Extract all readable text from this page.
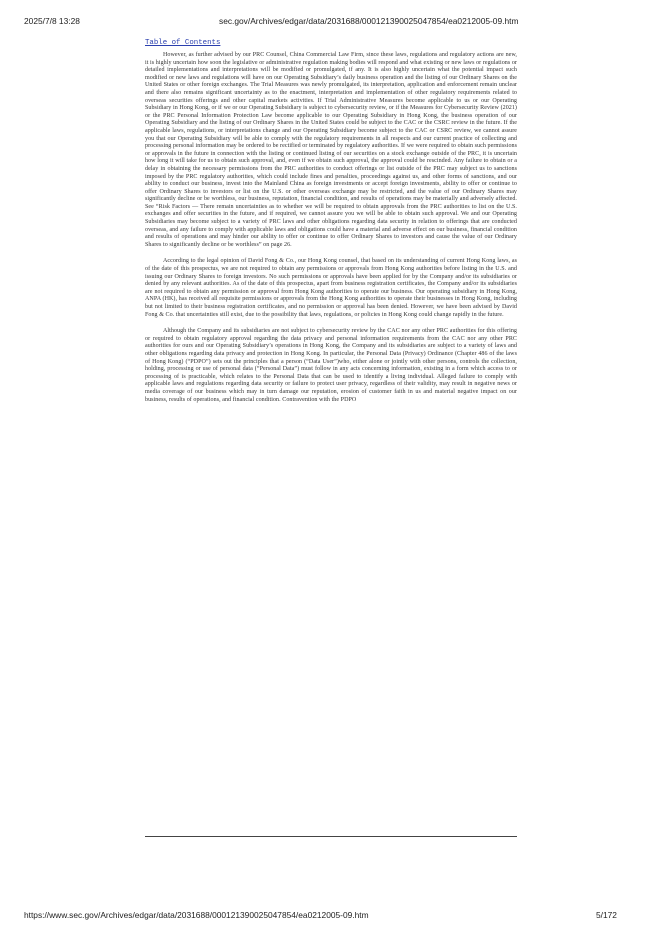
2025/7/8 13:28	sec.gov/Archives/edgar/data/2031688/000121390025047854/ea0212005-09.htm
Table of Contents

However, as further advised by our PRC Counsel, China Commercial Law Firm, since these laws, regulations and regulatory actions are new, it is highly uncertain how soon the legislative or administrative regulation making bodies will respond and what existing or new laws or regulations or detailed implementations and interpretations will be modified or promulgated, if any. It is also highly uncertain what the potential impact such modified or new laws and regulations will have on our Operating Subsidiary’s daily business operation and the listing of our Ordinary Shares on the United States or other foreign exchanges. The Trial Measures was newly promulgated, its interpretation, application and enforcement remain unclear and there also remains significant uncertainty as to the enactment, interpretation and implementation of other regulatory requirements related to overseas securities offerings and other capital markets activities. If Trial Administrative Measures become applicable to us or our Operating Subsidiary in Hong Kong, or if we or our Operating Subsidiary is subject to cybersecurity review, or if the Measures for Cybersecurity Review (2021) or the PRC Personal Information Protection Law become applicable to our Operating Subsidiary in Hong Kong, the business operation of our Operating Subsidiary and the listing of our Ordinary Shares in the United States could be subject to the CAC or the CSRC review in the future. If the applicable laws, regulations, or interpretations change and our Operating Subsidiary become subject to the CAC or CSRC review, we cannot assure you that our Operating Subsidiary will be able to comply with the regulatory requirements in all respects and our current practice of collecting and processing personal information may be ordered to be rectified or terminated by regulatory authorities. If we were required to obtain such permissions or approvals in the future in connection with the listing or continued listing of our securities on a stock exchange outside of the PRC, it is uncertain how long it will take for us to obtain such approval, and, even if we obtain such approval, the approval could be rescinded. Any failure to obtain or a delay in obtaining the necessary permissions from the PRC authorities to conduct offerings or list outside of the PRC may subject us to sanctions imposed by the PRC regulatory authorities, which could include fines and penalties, proceedings against us, and other forms of sanctions, and our ability to conduct our business, invest into the Mainland China as foreign investments or accept foreign investments, ability to offer or continue to offer Ordinary Shares to investors or list on the U.S. or other overseas exchange may be restricted, and the value of our Ordinary Shares may significantly decline or be worthless, our business, reputation, financial condition, and results of operations may be materially and adversely affected. See “Risk Factors — There remain uncertainties as to whether we will be required to obtain approvals from the PRC authorities to list on the U.S. exchanges and offer securities in the future, and if required, we cannot assure you we will be able to obtain such approval. We and our Operating Subsidiaries may become subject to a variety of PRC laws and other obligations regarding data security in relation to offerings that are conducted overseas, and any failure to comply with applicable laws and obligations could have a material and adverse effect on our business, financial condition and results of operations and may hinder our ability to offer or continue to offer Ordinary Shares to investors and cause the value of our Ordinary Shares to significantly decline or be worthless” on page 26.

According to the legal opinion of David Fong & Co., our Hong Kong counsel, that based on its understanding of current Hong Kong laws, as of the date of this prospectus, we are not required to obtain any permissions or approvals from Hong Kong authorities before listing in the U.S. and issuing our Ordinary Shares to foreign investors. No such permissions or approvals have been applied for by the Company and/or its subsidiaries or denied by any relevant authorities. As of the date of this prospectus, apart from business registration certificates, the Company and/or its subsidiaries are not required to obtain any permission or approval from Hong Kong authorities to operate our business. Our operating subsidiary in Hong Kong, ANPA (HK), has received all requisite permissions or approvals from the Hong Kong authorities to operate their businesses in Hong Kong, including but not limited to their business registration certificates, and no permission or approval has been denied. However, we have been advised by David Fong & Co. that uncertainties still exist, due to the possibility that laws, regulations, or policies in Hong Kong could change rapidly in the future.

Although the Company and its subsidiaries are not subject to cybersecurity review by the CAC nor any other PRC authorities for this offering or required to obtain regulatory approval regarding the data privacy and personal information requirements from the CAC nor any other PRC authorities for ours and our Operating Subsidiary’s operations in Hong Kong, the Company and its subsidiaries are subject to a variety of laws and other obligations regarding data privacy and protection in Hong Kong. In particular, the Personal Data (Privacy) Ordinance (Chapter 486 of the laws of Hong Kong) (“PDPO”) sets out the principles that a person (“Data User”)who, either alone or jointly with other persons, controls the collection, holding, processing or use of personal data (“Personal Data”) must follow in any acts concerning information, existing in a form which access to or processing of is practicable, which relates to the Personal Data that can be used to identify a living individual. Alleged failure to comply with applicable laws and regulations regarding data security or failure to protect user privacy, regardless of their validity, may result in negative news or media coverage of our business which may in turn damage our reputation, erosion of customer faith in us and material negative impact on our business, results of operations, and financial condition. Contravention with the PDPO

https://www.sec.gov/Archives/edgar/data/2031688/000121390025047854/ea0212005-09.htm	5/172
